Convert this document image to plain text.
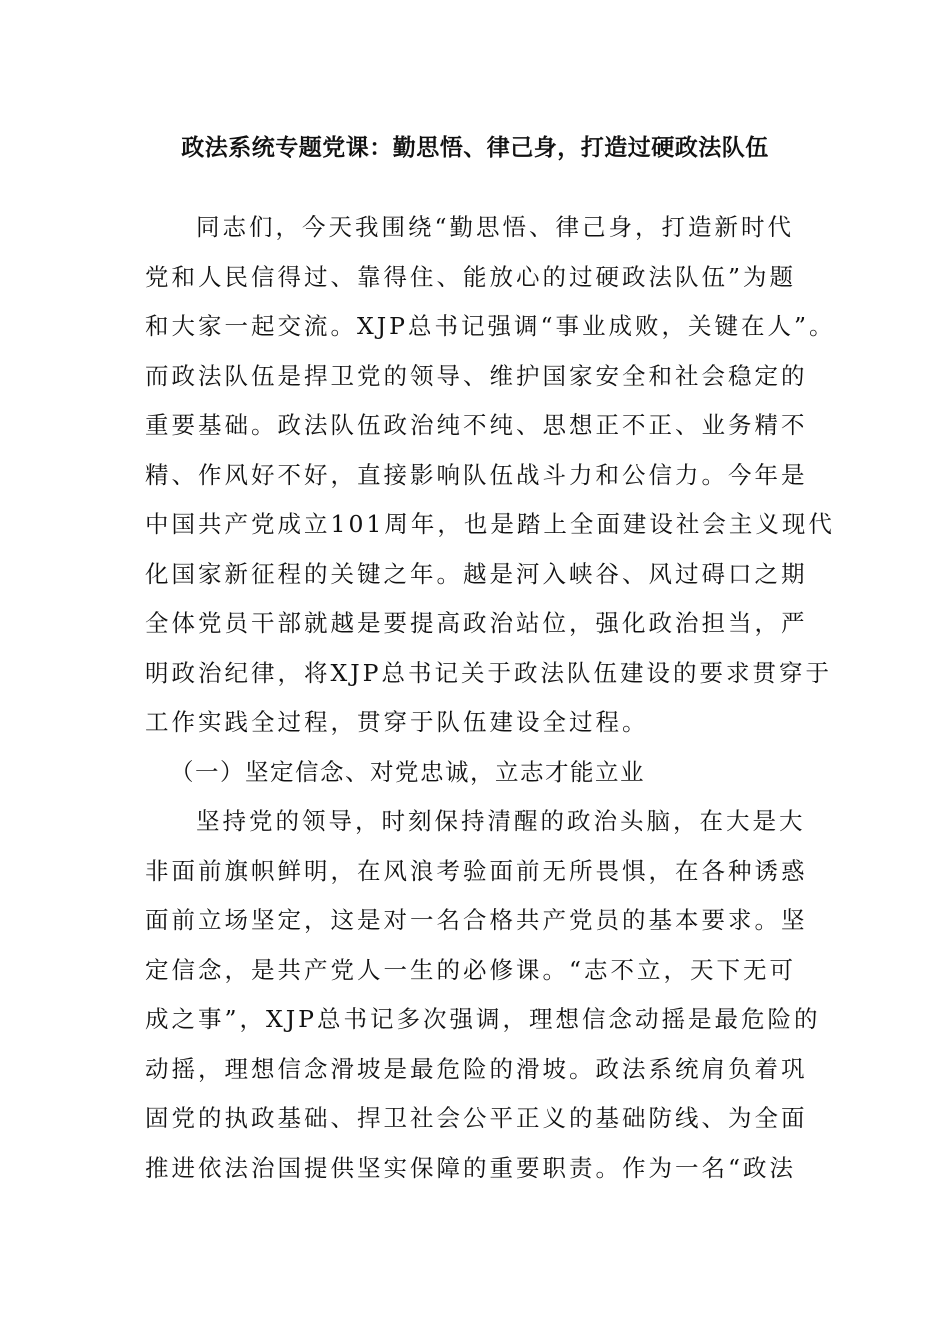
政法系统专题党课：勤思悟、律己身，打造过硬政法队伍
同志们，今天我围绕“勤思悟、律己身，打造新时代
党和人民信得过、靠得住、能放心的过硬政法队伍”为题
和大家一起交流。XJP总书记强调“事业成败，关键在人”。
而政法队伍是捍卫党的领导、维护国家安全和社会稳定的
重要基础。政法队伍政治纯不纯、思想正不正、业务精不
精、作风好不好，直接影响队伍战斗力和公信力。今年是
中国共产党成立101周年，也是踏上全面建设社会主义现代
化国家新征程的关键之年。越是河入峡谷、风过碍口之期
全体党员干部就越是要提高政治站位，强化政治担当，严
明政治纪律，将XJP总书记关于政法队伍建设的要求贯穿于
工作实践全过程，贯穿于队伍建设全过程。
（一）坚定信念、对党忠诚，立志才能立业
坚持党的领导，时刻保持清醒的政治头脑，在大是大
非面前旗帜鲜明，在风浪考验面前无所畏惧，在各种诱惑
面前立场坚定，这是对一名合格共产党员的基本要求。坚
定信念，是共产党人一生的必修课。“志不立，天下无可
成之事”，XJP总书记多次强调，理想信念动摇是最危险的
动摇，理想信念滑坡是最危险的滑坡。政法系统肩负着巩
固党的执政基础、捍卫社会公平正义的基础防线、为全面
推进依法治国提供坚实保障的重要职责。作为一名“政法
